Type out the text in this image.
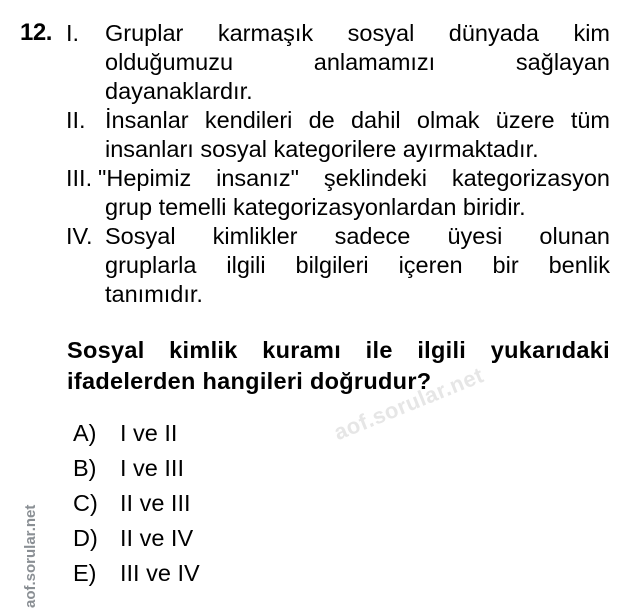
12. I. Gruplar karmaşık sosyal dünyada kim
olduğumuzu anlamamızı sağlayan
dayanaklardır.
II. İnsanlar kendileri de dahil olmak üzere tüm
insanları sosyal kategorilere ayırmaktadır.
III. "Hepimiz insanız" şeklindeki kategorizasyon
grup temelli kategorizasyonlardan biridir.
IV. Sosyal kimlikler sadece üyesi olunan
gruplarla ilgili bilgileri içeren bir benlik
tanımıdır.
Sosyal kimlik kuramı ile ilgili yukarıdaki
ifadelerden hangileri doğrudur?
A) I ve II
B) I ve III
C) II ve III
D) II ve IV
E) III ve IV
aof.sorular.net
aof.sorular.net
